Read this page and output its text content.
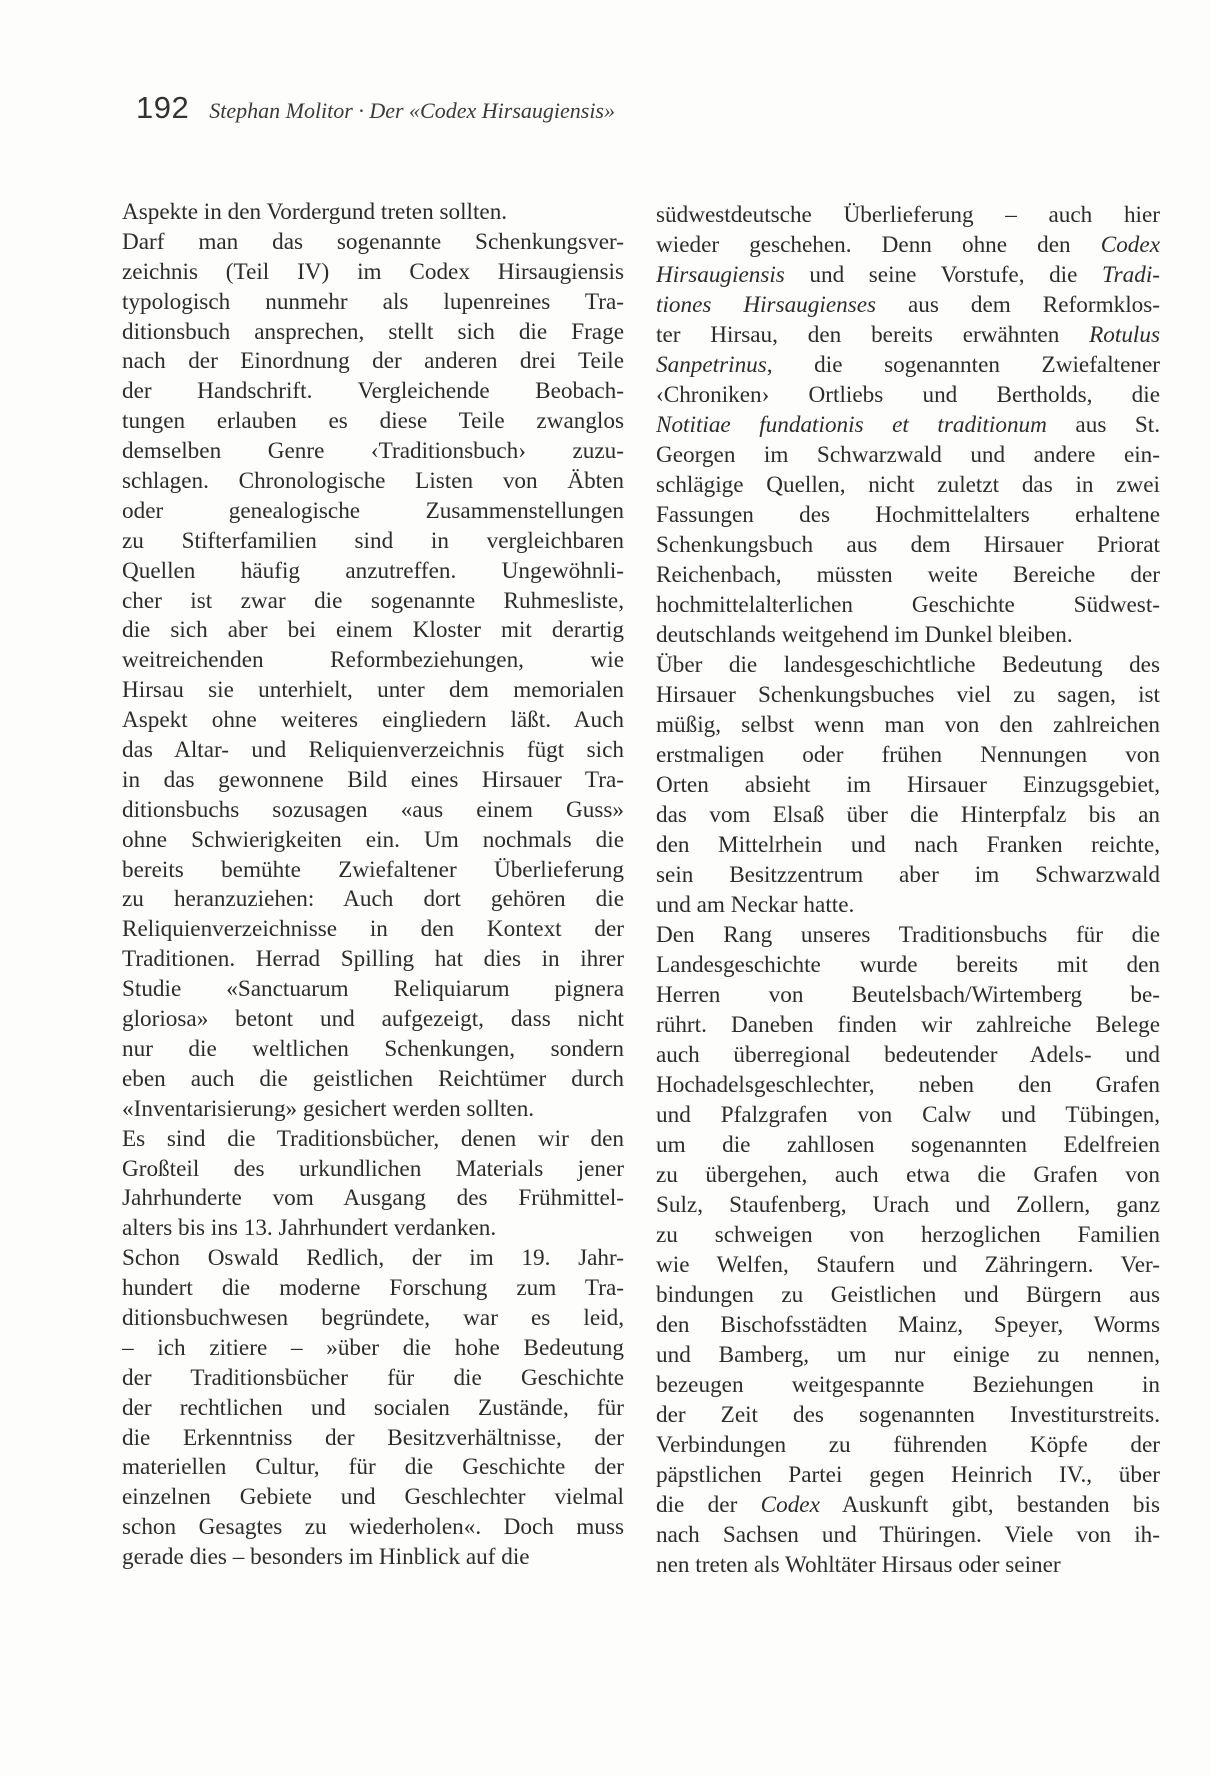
192 Stephan Molitor · Der «Codex Hirsaugiensis»
Aspekte in den Vordergund treten sollten.
Darf man das sogenannte Schenkungsver-
zeichnis (Teil IV) im Codex Hirsaugiensis
typologisch nunmehr als lupenreines Tra-
ditionsbuch ansprechen, stellt sich die Frage
nach der Einordnung der anderen drei Teile
der Handschrift. Vergleichende Beobach-
tungen erlauben es diese Teile zwanglos
demselben Genre ‹Traditionsbuch› zuzu-
schlagen. Chronologische Listen von Äbten
oder genealogische Zusammenstellungen
zu Stifterfamilien sind in vergleichbaren
Quellen häufig anzutreffen. Ungewöhnli-
cher ist zwar die sogenannte Ruhmesliste,
die sich aber bei einem Kloster mit derartig
weitreichenden Reformbeziehungen, wie
Hirsau sie unterhielt, unter dem memorialen
Aspekt ohne weiteres eingliedern läßt. Auch
das Altar- und Reliquienverzeichnis fügt sich
in das gewonnene Bild eines Hirsauer Tra-
ditionsbuchs sozusagen «aus einem Guss»
ohne Schwierigkeiten ein. Um nochmals die
bereits bemühte Zwiefaltener Überlieferung
zu heranzuziehen: Auch dort gehören die
Reliquienverzeichnisse in den Kontext der
Traditionen. Herrad Spilling hat dies in ihrer
Studie «Sanctuarum Reliquiarum pignera
gloriosa» betont und aufgezeigt, dass nicht
nur die weltlichen Schenkungen, sondern
eben auch die geistlichen Reichtümer durch
«Inventarisierung» gesichert werden sollten.
Es sind die Traditionsbücher, denen wir den
Großteil des urkundlichen Materials jener
Jahrhunderte vom Ausgang des Frühmittel-
alters bis ins 13. Jahrhundert verdanken.
Schon Oswald Redlich, der im 19. Jahr-
hundert die moderne Forschung zum Tra-
ditionsbuchwesen begründete, war es leid,
– ich zitiere – »über die hohe Bedeutung
der Traditionsbücher für die Geschichte
der rechtlichen und socialen Zustände, für
die Erkenntniss der Besitzverhältnisse, der
materiellen Cultur, für die Geschichte der
einzelnen Gebiete und Geschlechter vielmal
schon Gesagtes zu wiederholen«. Doch muss
gerade dies – besonders im Hinblick auf die
südwestdeutsche Überlieferung – auch hier
wieder geschehen. Denn ohne den Codex
Hirsaugiensis und seine Vorstufe, die Tradi-
tiones Hirsaugienses aus dem Reformklos-
ter Hirsau, den bereits erwähnten Rotulus
Sanpetrinus, die sogenannten Zwiefaltener
‹Chroniken› Ortliebs und Bertholds, die
Notitiae fundationis et traditionum aus St.
Georgen im Schwarzwald und andere ein-
schlägige Quellen, nicht zuletzt das in zwei
Fassungen des Hochmittelalters erhaltene
Schenkungsbuch aus dem Hirsauer Priorat
Reichenbach, müssten weite Bereiche der
hochmittelalterlichen Geschichte Südwest-
deutschlands weitgehend im Dunkel bleiben.
Über die landesgeschichtliche Bedeutung des
Hirsauer Schenkungsbuches viel zu sagen, ist
müßig, selbst wenn man von den zahlreichen
erstmaligen oder frühen Nennungen von
Orten absieht im Hirsauer Einzugsgebiet,
das vom Elsaß über die Hinterpfalz bis an
den Mittelrhein und nach Franken reichte,
sein Besitzzentrum aber im Schwarzwald
und am Neckar hatte.
Den Rang unseres Traditionsbuchs für die
Landesgeschichte wurde bereits mit den
Herren von Beutelsbach/Wirtemberg be-
rührt. Daneben finden wir zahlreiche Belege
auch überregional bedeutender Adels- und
Hochadelsgeschlechter, neben den Grafen
und Pfalzgrafen von Calw und Tübingen,
um die zahllosen sogenannten Edelfreien
zu übergehen, auch etwa die Grafen von
Sulz, Staufenberg, Urach und Zollern, ganz
zu schweigen von herzoglichen Familien
wie Welfen, Staufern und Zähringern. Ver-
bindungen zu Geistlichen und Bürgern aus
den Bischofsstädten Mainz, Speyer, Worms
und Bamberg, um nur einige zu nennen,
bezeugen weitgespannte Beziehungen in
der Zeit des sogenannten Investiturstreits.
Verbindungen zu führenden Köpfe der
päpstlichen Partei gegen Heinrich IV., über
die der Codex Auskunft gibt, bestanden bis
nach Sachsen und Thüringen. Viele von ih-
nen treten als Wohltäter Hirsaus oder seiner
